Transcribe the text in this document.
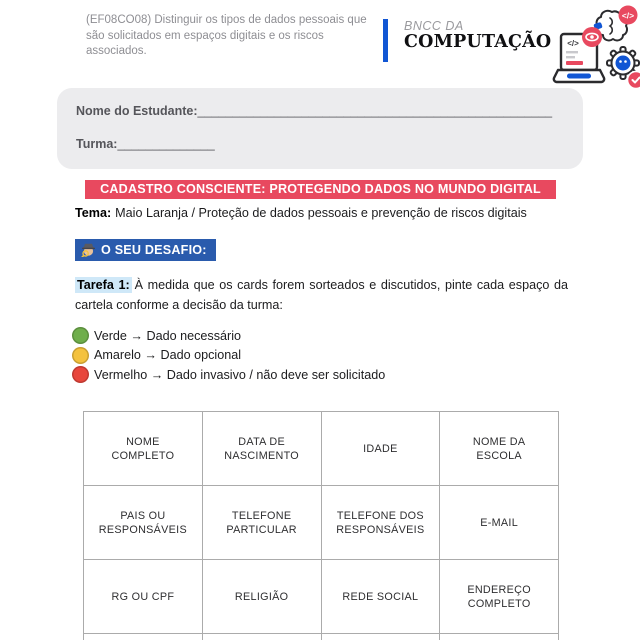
(EF08CO08) Distinguir os tipos de dados pessoais que são solicitados em espaços digitais e os riscos associados.
BNCC DA
COMPUTAÇÃO
</>
</>
Nome do Estudante:___________________________________________________
Turma:______________
CADASTRO CONSCIENTE: PROTEGENDO DADOS NO MUNDO DIGITAL
Tema: Maio Laranja / Proteção de dados pessoais e prevenção de riscos digitais
O SEU DESAFIO:
Tarefa 1: À medida que os cards forem sorteados e discutidos, pinte cada espaço da cartela conforme a decisão da turma:
Verde → Dado necessário
Amarelo → Dado opcional
Vermelho → Dado invasivo / não deve ser solicitado
NOME COMPLETO	DATA DE NASCIMENTO	IDADE	NOME DA ESCOLA
PAIS OU RESPONSÁVEIS	TELEFONE PARTICULAR	TELEFONE DOS RESPONSÁVEIS	E-MAIL
RG OU CPF	RELIGIÃO	REDE SOCIAL	ENDEREÇO COMPLETO
